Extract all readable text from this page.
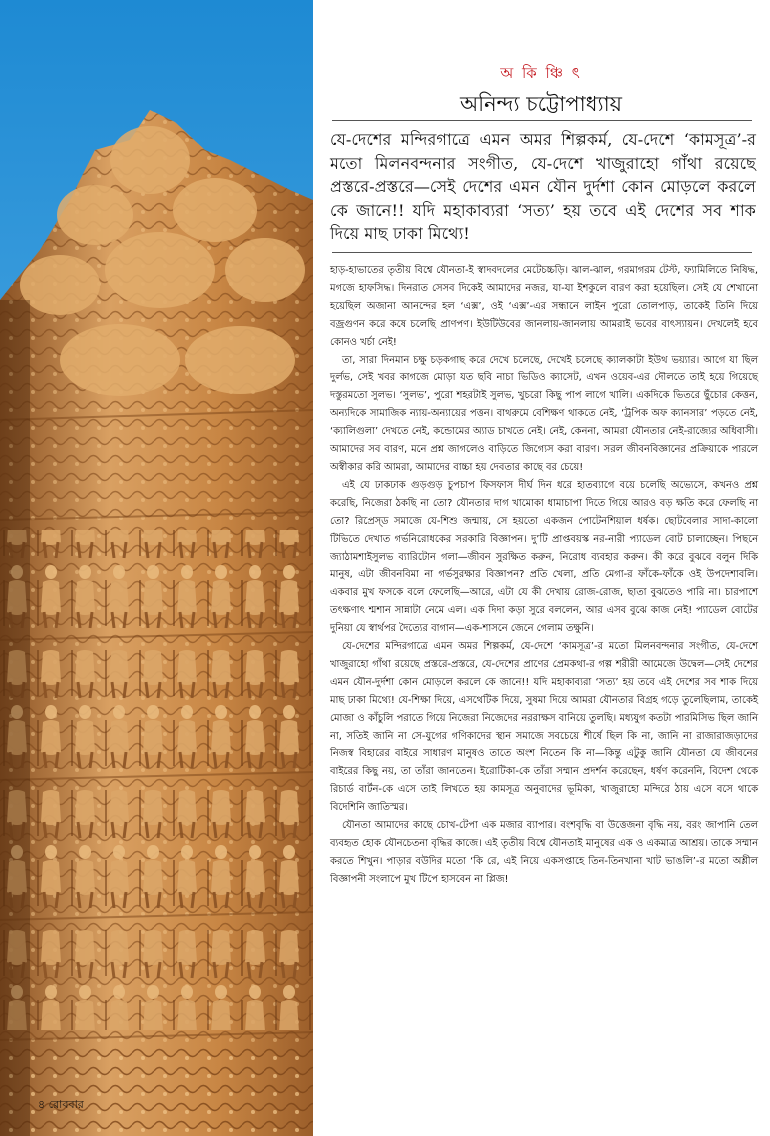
৪ রোববার
অ কি ঞ্চি ৎ
অনিন্দ্য চট্টোপাধ্যায়
যে-দেশের মন্দিরগাত্রে এমন অমর শিল্পকর্ম, যে-দেশে ‘কামসূত্র’-র মতো মিলনবন্দনার সংগীত, যে-দেশে খাজুরাহো গাঁথা রয়েছে প্রস্তরে-প্রস্তরে—সেই দেশের এমন যৌন দুর্দশা কোন মোড়লে করলে কে জানে!! যদি মহাকাব্যরা ‘সত্য’ হয় তবে এই দেশের সব শাক দিয়ে মাছ ঢাকা মিথ্যে!

হাড়-হাভাতের তৃতীয় বিশ্বে যৌনতা-ই স্বাদবদলের মেটেচচ্চড়ি। ঝাল-ঝাল, গরমাগরম টেস্ট, ফ্যামিলিতে নিষিদ্ধ, মগজে হাফসিদ্ধ। দিনরাত সেসব দিকেই আমাদের নজর, যা-যা ইশকুলে বারণ করা হয়েছিল। সেই যে শেখানো হয়েছিল অজানা আনন্দের হল ‘এক্স’, ওই ‘এক্স’-এর সন্ধানে লাইন পুরো তোলপাড়, তাকেই তিনি দিয়ে বজ্রগুণন করে কষে চলেছি প্রাণপণ। ইউটিউবের জানলায়-জানলায় আমরাই ভবের বাৎস্যায়ন। দেখলেই হবে কোনও খর্চা নেই!

তা, সারা দিনমান চক্ষু চড়কগাছ করে দেখে চলেছে, দেখেই চলেছে ক্যালকাটা ইউথ ভয়্যার। আগে যা ছিল দুর্লভ, সেই খবর কাগজে মোড়া যত ছবি নাচা ভিডিও ক্যাসেট, এখন ওয়েব-এর দৌলতে তাই হয়ে গিয়েছে দস্তুরমতো সুলভ। ‘সুলভ’, পুরো শহরটাই সুলভ, খুচরো কিছু পাপ লাগে খালি। একদিকে ভিতরে ছুঁচোর কেত্তন, অন্যদিকে সামাজিক ন্যায়-অন্যায়ের পত্তন। বাথরুমে বেশিক্ষণ থাকতে নেই, ‘ট্রপিক অফ ক্যানসার’ পড়তে নেই, ‘ক্যালিগুলা’ দেখতে নেই, কন্ডোমের অ্যাড চাখতে নেই। নেই, কেননা, আমরা যৌনতার নেই-রাজ্যের অধিবাসী। আমাদের সব বারণ, মনে প্রশ্ন জাগলেও বাড়িতে জিগ্যেস করা বারণ। সরল জীবনবিজ্ঞানের প্রক্রিয়াকে পারলে অস্বীকার করি আমরা, আমাদের বাচ্চা হয় দেবতার কাছে বর চেয়ে!

এই যে ঢাকঢাক গুড়গুড় চুপচাপ ফিসফাস দীর্ঘ দিন ধরে হাতব্যাগে বয়ে চলেছি অভ্যেসে, কখনও প্রশ্ন করেছি, নিজেরা ঠকছি না তো? যৌনতার দাগ খামোকা ধামাচাপা দিতে গিয়ে আরও বড় ক্ষতি করে ফেলছি না তো? রিপ্রেস্ড সমাজে যে-শিশু জন্মায়, সে হয়তো একজন পোটেনশিয়াল ধর্ষক। ছোটবেলার সাদা-কালো টিভিতে দেখাত গর্ভনিরোধকের সরকারি বিজ্ঞাপন। দু’টি প্রাপ্তবয়স্ক নর-নারী প্যাডেল বোট চালাচ্ছেন। পিছনে জ্যাঠামশাইসুলভ ব্যারিটোন গলা—জীবন সুরক্ষিত করুন, নিরোধ ব্যবহার করুন। কী করে বুঝবে বলুন দিকি মানুষ, এটা জীবনবিমা না গর্ভসুরক্ষার বিজ্ঞাপন? প্রতি খেলা, প্রতি মেগা-র ফাঁকে-ফাঁকে ওই উপদেশাবলি। একবার মুখ ফসকে বলে ফেলেছি—আরে, এটা যে কী দেখায় রোজ-রোজ, ছাতা বুঝতেও পারি না। চারপাশে তৎক্ষণাৎ শ্মশান সান্নাটা নেমে এল। এক দিদা কড়া সুরে বললেন, আর এসব বুঝে কাজ নেই! প্যাডেল বোটের দুনিয়া যে স্বার্থপর দৈত্যের বাগান—এক-শাসনে জেনে গেলাম তক্ষুনি।

যে-দেশের মন্দিরগাত্রে এমন অমর শিল্পকর্ম, যে-দেশে ‘কামসূত্র’-র মতো মিলনবন্দনার সংগীত, যে-দেশে খাজুরাহো গাঁথা রয়েছে প্রস্তরে-প্রস্তরে, যে-দেশের প্রাণের প্রেমকথা-র গল্প শরীরী আমেজে উদ্বেল—সেই দেশের এমন যৌন-দুর্দশা কোন মোড়লে করলে কে জানে!! যদি মহাকাব্যরা ‘সত্য’ হয় তবে এই দেশের সব শাক দিয়ে মাছ ঢাকা মিথ্যে! যে-শিক্ষা দিয়ে, এসথেটিক দিয়ে, সুষমা দিয়ে আমরা যৌনতার বিগ্রহ গড়ে তুলেছিলাম, তাকেই মোজা ও কাঁচুলি পরাতে গিয়ে নিজেরা নিজেদের নররাক্ষস বানিয়ে তুলছি। মধ্যযুগ কতটা পারমিসিভ ছিল জানি না, সতিই জানি না সে-যুগের গণিকাদের স্থান সমাজে সবচেয়ে শীর্ষে ছিল কি না, জানি না রাজারাজড়াদের নিজস্ব বিহারের বাইরে সাধারণ মানুষও তাতে অংশ নিতেন কি না—কিন্তু এটুকু জানি যৌনতা যে জীবনের বাইরের কিছু নয়, তা তাঁরা জানতেন। ইরোটিকা-কে তাঁরা সম্মান প্রদর্শন করেছেন, ধর্ষণ করেননি, বিদেশ থেকে রিচার্ড বার্টন-কে এসে তাই লিখতে হয় কামসূত্র অনুবাদের ভূমিকা, খাজুরাহো মন্দিরে ঠায় এসে বসে থাকে বিদেশিনি জাতিস্মর।

যৌনতা আমাদের কাছে চোখ-টেপা এক মজার ব্যাপার। বংশবৃদ্ধি বা উত্তেজনা বৃদ্ধি নয়, বরং জাপানি তেল ব্যবহৃত হোক যৌনচেতনা বৃদ্ধির কাজে। এই তৃতীয় বিশ্বে যৌনতাই মানুষের এক ও একমাত্র আশ্রয়। তাকে সম্মান করতে শিখুন। পাড়ার বউদির মতো ‘কি রে, এই নিয়ে একসপ্তাহে তিন-তিনখানা খাট ভাঙলি’-র মতো অশ্লীল বিজ্ঞাপনী সংলাপে মুখ টিপে হাসবেন না প্লিজ!
